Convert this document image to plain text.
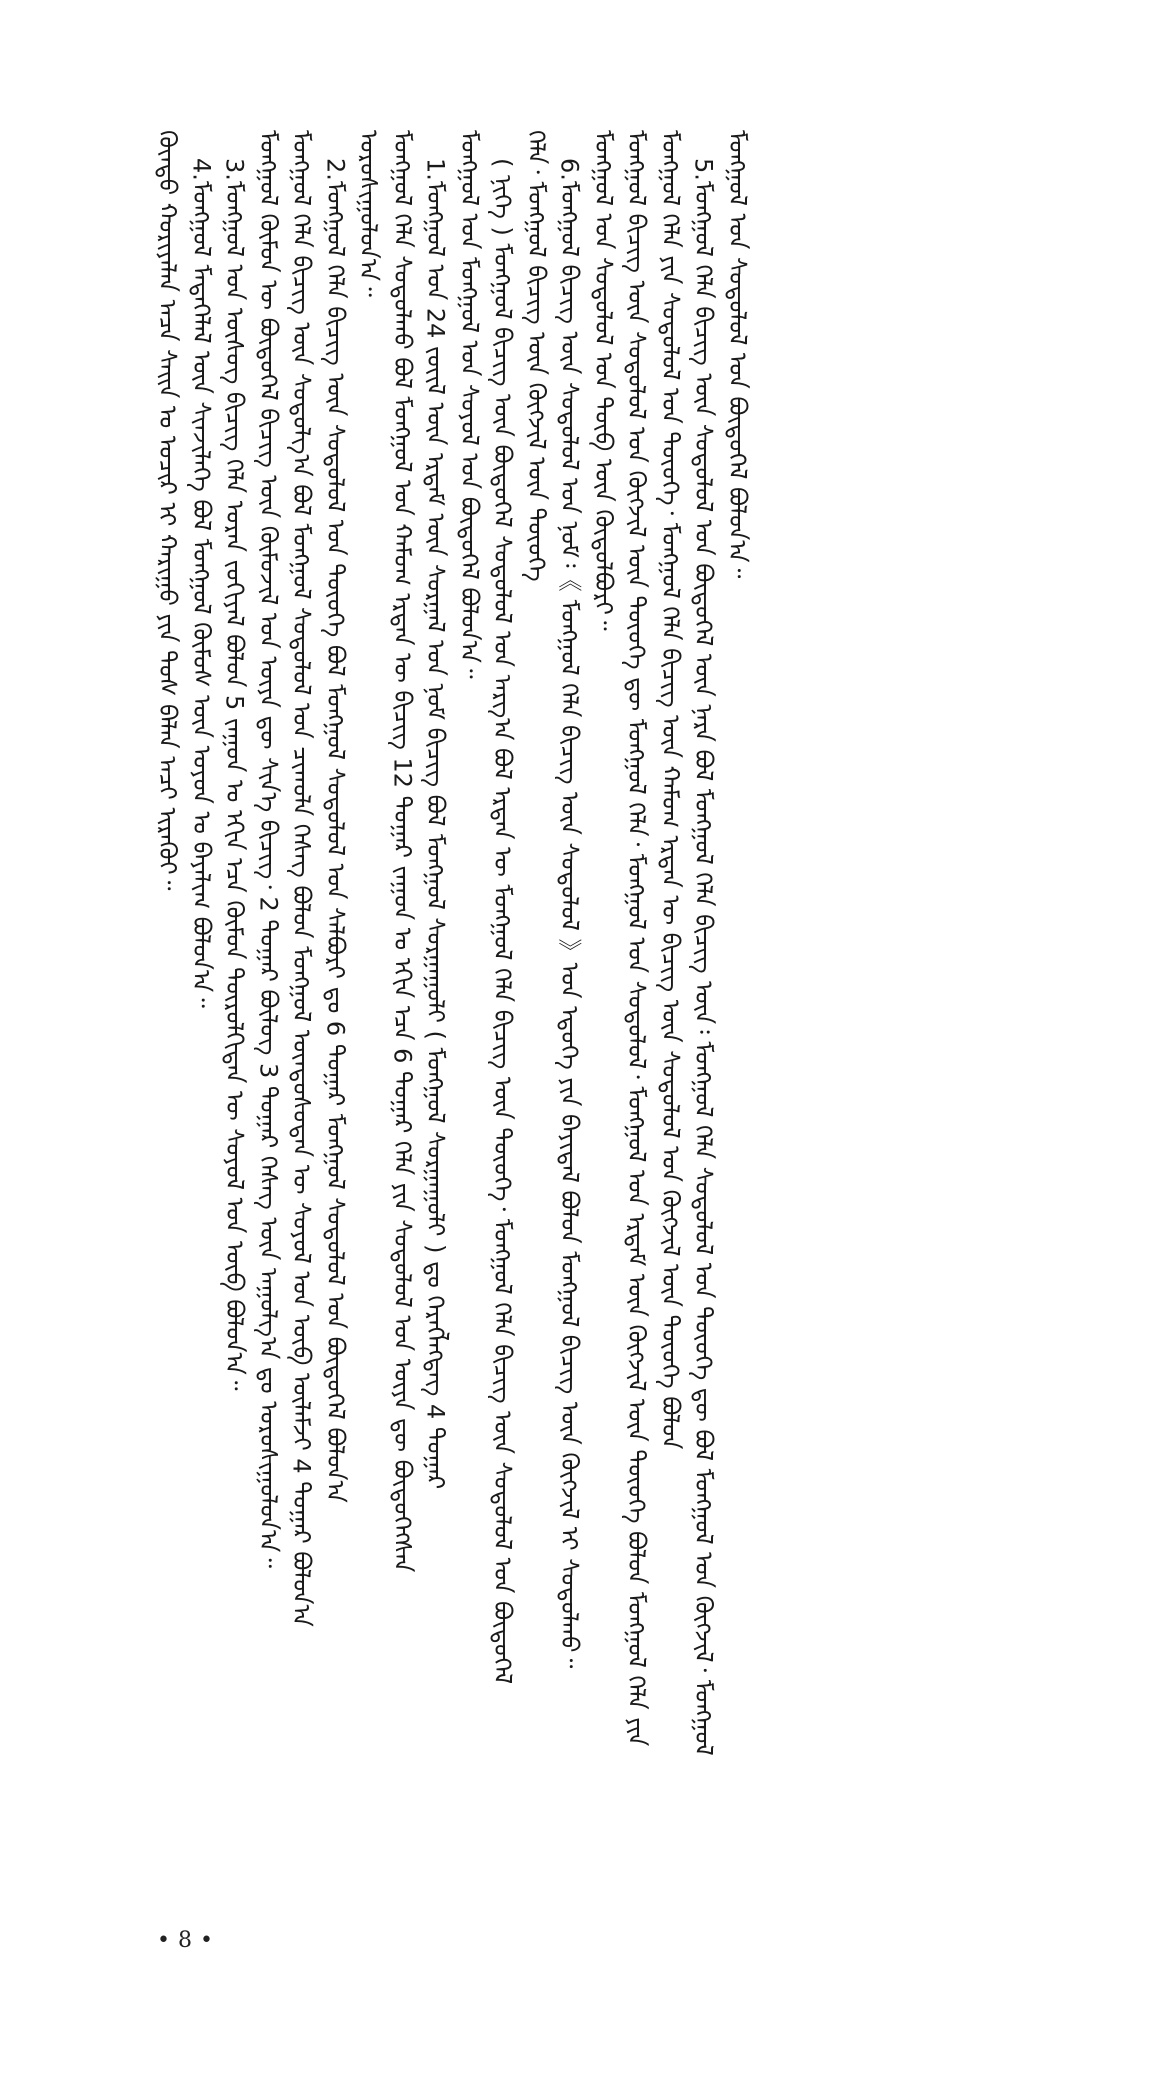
ᠬᠦᠨᠳᠦ ᠬᠤᠷᠢᠶᠠᠯᠠᠨ ᠠᠴᠠ ᠰᠠᠢᠨ ᠤ ᠤᠴᠢᠷ ᠢ ᠬᠠᠷᠢᠭᠤ ᠶᠢᠨ ᠲᠤᠰ ᠪᠠᠯᠠᠨ ᠠᠴᠢ ᠢᠷᠡᠭᠦᠢ᠃ 4.ᠮᠣᠩᠭᠣᠯ ᠮᠡᠳᠡᠭᠡᠯᠡᠯ ᠦᠨ ᠰᠢᠨᠵᠢᠯᠡᠭᠡ ᠪᠣᠯ ᠮᠣᠩᠭᠣᠯ ᠬᠦᠮᠦᠰ ᠦᠨ ᠣᠶᠤᠨ ᠤ ᠪᠠᠶᠠᠯᠢᠭ ᠪᠣᠯᠤᠨ᠎ᠠ᠃ 3.ᠮᠣᠩᠭᠣᠯ ᠤᠨ ᠦᠰᠦᠭ ᠪᠢᠴᠢᠭ ᠬᠡᠯᠡ ᠤᠷᠠᠨ ᠵᠣᠬᠢᠶᠠᠯ ᠪᠣᠯᠤᠨ 5 ᠵᠠᠭᠤᠨ ᠤ ᠡᠬᠢᠨ ᠡᠴᠡ ᠬᠦᠮᠦᠨ ᠲᠦᠷᠦᠯᠬᠢᠲᠡᠨ ᠦ ᠰᠣᠶᠣᠯ ᠤᠨ ᠦᠪ ᠪᠣᠯᠤᠨ᠎ᠠ᠃ ᠮᠣᠩᠭᠣᠯ ᠬᠦᠮᠦᠨ ᠦ ᠪᠦᠲᠦᠭᠡᠯ ᠪᠢᠴᠢᠭ ᠦᠨ ᠬᠦᠮᠦᠵᠢᠯ ᠤᠨ ᠦᠶᠡ ᠳᠦ ᠰᠢᠨ᠎ᠡ ᠪᠢᠴᠢᠭ᠂ 2 ᠳᠤᠭᠠᠷ ᠪᠦᠯᠦᠭ 3 ᠳᠤᠭᠠᠷ ᠬᠡᠰᠡᠭ ᠦᠨ ᠠᠭᠤᠯᠭ᠎ᠠ ᠳᠤ ᠣᠷᠣᠰᠢᠭᠤᠯᠤᠨ᠎ᠠ᠃ ᠮᠣᠩᠭᠣᠯ ᠬᠡᠯᠡ ᠪᠢᠴᠢᠭ ᠦᠨ ᠰᠤᠳᠤᠯᠭ᠎ᠠ ᠪᠣᠯ ᠮᠣᠩᠭᠣᠯ ᠰᠤᠳᠤᠯᠤᠯ ᠤᠨ ᠴᠢᠬᠤᠯᠠ ᠬᠡᠰᠡᠭ ᠪᠣᠯᠤᠨ ᠮᠣᠩᠭᠣᠯ ᠦᠨᠳᠦᠰᠦᠲᠡᠨ ᠦ ᠰᠣᠶᠣᠯ ᠤᠨ ᠦᠪ ᠦᠯᠡᠮᠵᠢ 4 ᠳᠤᠭᠠᠷ ᠪᠣᠯᠤᠨ᠎ᠠ 2.ᠮᠣᠩᠭᠣᠯ ᠬᠡᠯᠡ ᠪᠢᠴᠢᠭ ᠦᠨ ᠰᠤᠳᠤᠯᠤᠯ ᠤᠨ ᠲᠦᠦᠬᠡ ᠪᠣᠯ ᠮᠣᠩᠭᠣᠯ ᠰᠤᠳᠤᠯᠤᠯ ᠤᠨ ᠰᠠᠯᠪᠤᠷᠢ ᠳᠤ 6 ᠳᠤᠭᠠᠷ ᠮᠣᠩᠭᠣᠯ ᠰᠤᠳᠤᠯᠤᠯ ᠤᠨ ᠪᠦᠲᠦᠭᠡᠯ ᠪᠣᠯᠤᠨ᠎ᠠ ᠣᠷᠣᠰᠢᠭᠤᠯᠤᠨ᠎ᠠ᠃ ᠮᠣᠩᠭᠣᠯ ᠬᠡᠯᠡ ᠰᠤᠳᠤᠯᠬᠤ ᠪᠣᠯ ᠮᠣᠩᠭᠣᠯ ᠤᠨ ᠬᠠᠮᠤᠭ ᠡᠷᠲᠡᠨ ᠦ ᠪᠢᠴᠢᠭ 12 ᠳᠤᠭᠠᠷ ᠵᠠᠭᠤᠨ ᠤ ᠡᠬᠢᠨ ᠡᠴᠡ 6 ᠳᠤᠭᠠᠷ ᠬᠡᠯᠡ ᠶᠢᠨ ᠰᠤᠳᠤᠯᠤᠯ ᠤᠨ ᠦᠶᠡ ᠳᠦ ᠪᠦᠲᠦᠭᠡᠭᠰᠡᠨ 1.ᠮᠣᠩᠭᠣᠯ ᠤᠨ 24 ᠵᠦᠢᠯ ᠦᠨ ᠡᠷᠳᠡᠮ ᠦᠨ ᠰᠤᠷᠭᠠᠯ ᠤᠨ ᠨᠣᠮ ᠪᠢᠴᠢᠭ ᠪᠣᠯ ᠮᠣᠩᠭᠣᠯ ᠰᠤᠷᠭᠠᠭᠤᠯᠢ ( ᠮᠣᠩᠭᠣᠯ ᠰᠤᠷᠭᠠᠭᠤᠯᠢ ) ᠳᠤ ᠬᠡᠷᠡᠭᠯᠡᠭᠳᠡᠭ 4 ᠳᠤᠭᠠᠷ ᠮᠣᠩᠭᠣᠯ ᠤᠨ ᠮᠣᠩᠭᠣᠯ ᠤᠨ ᠰᠣᠶᠣᠯ ᠤᠨ ᠪᠦᠲᠦᠭᠡᠯ ᠪᠣᠯᠤᠨ᠎ᠠ᠃ ( ᠨᠢᠭᠡ ) ᠮᠣᠩᠭᠣᠯ ᠪᠢᠴᠢᠭ ᠦᠨ ᠪᠦᠲᠦᠭᠡᠯ ᠰᠤᠳᠤᠯᠤᠯ ᠤᠨ ᠠᠷᠭ᠎ᠠ ᠪᠣᠯ ᠡᠷᠲᠡᠨ ᠦ ᠮᠣᠩᠭᠣᠯ ᠬᠡᠯᠡ ᠪᠢᠴᠢᠭ ᠦᠨ ᠲᠦᠦᠬᠡ᠂ ᠮᠣᠩᠭᠣᠯ ᠬᠡᠯᠡ ᠪᠢᠴᠢᠭ ᠦᠨ ᠰᠤᠳᠤᠯᠤᠯ ᠤᠨ ᠪᠦᠲᠦᠭᠡᠯ ᠬᠡᠯᠡ᠂ ᠮᠣᠩᠭᠣᠯ ᠪᠢᠴᠢᠭ ᠦᠨ ᠬᠥᠭᠵᠢᠯ ᠦᠨ ᠲᠦᠦᠬᠡ 6.ᠮᠣᠩᠭᠣᠯ ᠪᠢᠴᠢᠭ ᠦᠨ ᠰᠤᠳᠤᠯᠤᠯ ᠤᠨ ᠨᠣᠮ᠄《 ᠮᠣᠩᠭᠣᠯ ᠬᠡᠯᠡ ᠪᠢᠴᠢᠭ ᠦᠨ ᠰᠤᠳᠤᠯᠤᠯ 》ᠤᠨ ᠡᠳᠦᠭᠡ ᠶᠢᠨ ᠪᠠᠶᠢᠳᠠᠯ ᠪᠣᠯᠤᠨ ᠮᠣᠩᠭᠣᠯ ᠪᠢᠴᠢᠭ ᠦᠨ ᠬᠥᠭᠵᠢᠯ ᠢ ᠰᠤᠳᠤᠯᠬᠤ᠃ ᠮᠣᠩᠭᠣᠯ ᠤᠨ ᠰᠤᠳᠤᠯᠤᠯ ᠤᠨ ᠲᠥᠪ ᠦᠨ ᠬᠥᠲᠦᠯᠪᠦᠷᠢ᠃ ᠮᠣᠩᠭᠣᠯ ᠪᠢᠴᠢᠭ ᠦᠨ ᠰᠤᠳᠤᠯᠤᠯ ᠤᠨ ᠬᠥᠭᠵᠢᠯ ᠦᠨ ᠲᠦᠦᠬᠡ ᠳᠦ ᠮᠣᠩᠭᠣᠯ ᠬᠡᠯᠡ᠂ ᠮᠣᠩᠭᠣᠯ ᠤᠨ ᠰᠤᠳᠤᠯᠤᠯ᠂ ᠮᠣᠩᠭᠣᠯ ᠤᠨ ᠡᠷᠳᠡᠮ ᠦᠨ ᠬᠥᠭᠵᠢᠯ ᠦᠨ ᠲᠦᠦᠬᠡ ᠪᠣᠯᠤᠨ ᠮᠣᠩᠭᠣᠯ ᠬᠡᠯᠡ ᠶᠢᠨ ᠮᠣᠩᠭᠣᠯ ᠬᠡᠯᠡ ᠶᠢᠨ ᠰᠤᠳᠤᠯᠤᠯ ᠤᠨ ᠲᠦᠦᠬᠡ᠂ ᠮᠣᠩᠭᠣᠯ ᠬᠡᠯᠡ ᠪᠢᠴᠢᠭ ᠦᠨ ᠬᠠᠮᠤᠭ ᠡᠷᠲᠡᠨ ᠦ ᠪᠢᠴᠢᠭ ᠦᠨ ᠰᠤᠳᠤᠯᠤᠯ ᠤᠨ ᠬᠥᠭᠵᠢᠯ ᠦᠨ ᠲᠦᠦᠬᠡ ᠪᠣᠯᠤᠨ 5.ᠮᠣᠩᠭᠣᠯ ᠬᠡᠯᠡ ᠪᠢᠴᠢᠭ ᠦᠨ ᠰᠤᠳᠤᠯᠤᠯ ᠤᠨ ᠪᠦᠲᠦᠭᠡᠯ ᠦᠨ ᠨᠡᠷᠡ ᠪᠣᠯ ᠮᠣᠩᠭᠣᠯ ᠬᠡᠯᠡ ᠪᠢᠴᠢᠭ ᠦᠨ᠄ ᠮᠣᠩᠭᠣᠯ ᠬᠡᠯᠡ ᠰᠤᠳᠤᠯᠤᠯ ᠤᠨ ᠲᠦᠦᠬᠡ ᠳᠦ ᠪᠣᠯ ᠮᠣᠩᠭᠣᠯ ᠤᠨ ᠬᠥᠭᠵᠢᠯ᠂ ᠮᠣᠩᠭᠣᠯ ᠮᠣᠩᠭᠣᠯ ᠤᠨ ᠰᠤᠳᠤᠯᠤᠯ ᠤᠨ ᠪᠦᠲᠦᠭᠡᠯ ᠪᠣᠯᠤᠨ᠎ᠠ᠃
• 8 •
